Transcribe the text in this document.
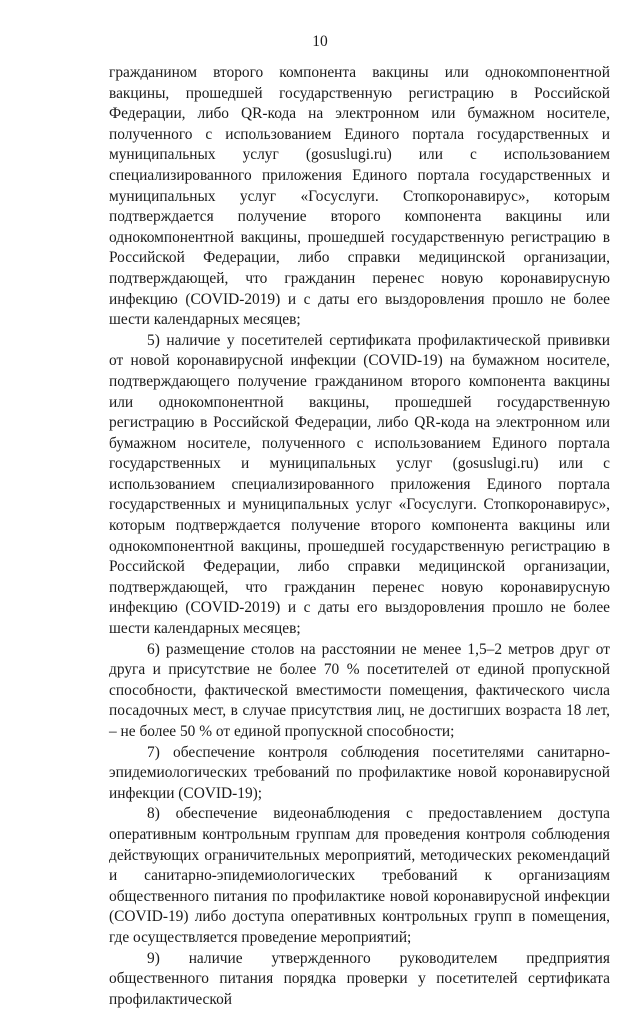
10

гражданином второго компонента вакцины или однокомпонентной вакцины, прошедшей государственную регистрацию в Российской Федерации, либо QR-кода на электронном или бумажном носителе, полученного с использованием Единого портала государственных и муниципальных услуг (gosuslugi.ru) или с использованием специализированного приложения Единого портала государственных и муниципальных услуг «Госуслуги. Стопкоронавирус», которым подтверждается получение второго компонента вакцины или однокомпонентной вакцины, прошедшей государственную регистрацию в Российской Федерации, либо справки медицинской организации, подтверждающей, что гражданин перенес новую коронавирусную инфекцию (COVID-2019) и с даты его выздоровления прошло не более шести календарных месяцев;

5) наличие у посетителей сертификата профилактической прививки от новой коронавирусной инфекции (COVID-19) на бумажном носителе, подтверждающего получение гражданином второго компонента вакцины или однокомпонентной вакцины, прошедшей государственную регистрацию в Российской Федерации, либо QR-кода на электронном или бумажном носителе, полученного с использованием Единого портала государственных и муниципальных услуг (gosuslugi.ru) или с использованием специализированного приложения Единого портала государственных и муниципальных услуг «Госуслуги. Стопкоронавирус», которым подтверждается получение второго компонента вакцины или однокомпонентной вакцины, прошедшей государственную регистрацию в Российской Федерации, либо справки медицинской организации, подтверждающей, что гражданин перенес новую коронавирусную инфекцию (COVID-2019) и с даты его выздоровления прошло не более шести календарных месяцев;

6) размещение столов на расстоянии не менее 1,5–2 метров друг от друга и присутствие не более 70 % посетителей от единой пропускной способности, фактической вместимости помещения, фактического числа посадочных мест, в случае присутствия лиц, не достигших возраста 18 лет, – не более 50 % от единой пропускной способности;

7) обеспечение контроля соблюдения посетителями санитарно-эпидемиологических требований по профилактике новой коронавирусной инфекции (COVID-19);

8) обеспечение видеонаблюдения с предоставлением доступа оперативным контрольным группам для проведения контроля соблюдения действующих ограничительных мероприятий, методических рекомендаций и санитарно-эпидемиологических требований к организациям общественного питания по профилактике новой коронавирусной инфекции (COVID-19) либо доступа оперативных контрольных групп в помещения, где осуществляется проведение мероприятий;

9) наличие утвержденного руководителем предприятия общественного питания порядка проверки у посетителей сертификата профилактической
